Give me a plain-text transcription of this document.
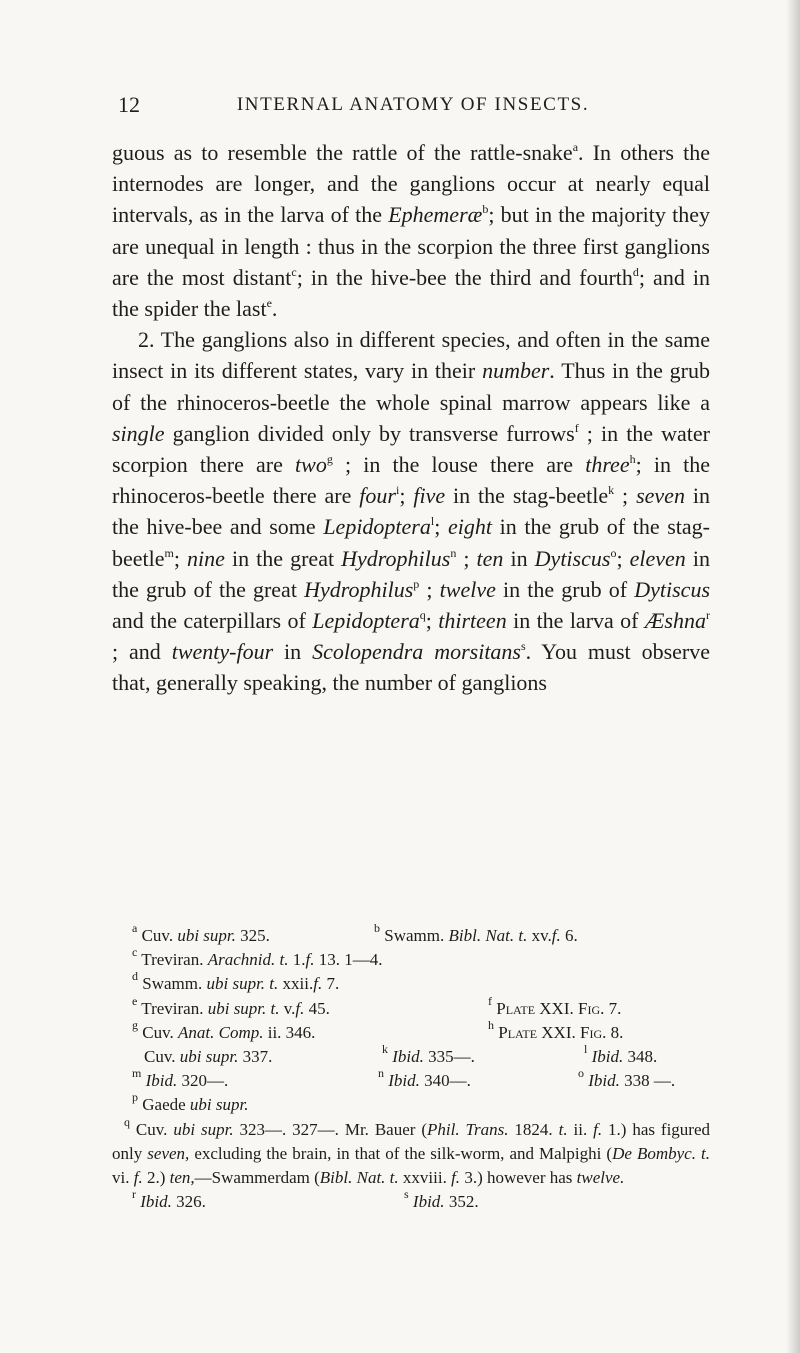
12	INTERNAL ANATOMY OF INSECTS.

guous as to resemble the rattle of the rattle-snake$^a$. In others the internodes are longer, and the ganglions occur at nearly equal intervals, as in the larva of the Ephemeræ$^b$; but in the majority they are unequal in length : thus in the scorpion the three first ganglions are the most distant$^c$; in the hive-bee the third and fourth$^d$; and in the spider the last$^e$.

2. The ganglions also in different species, and often in the same insect in its different states, vary in their number. Thus in the grub of the rhinoceros-beetle the whole spinal marrow appears like a single ganglion divided only by transverse furrows$^f$ ; in the water scorpion there are two$^g$ ; in the louse there are three$^h$; in the rhinoceros-beetle there are four$^i$; five in the stag-beetle$^k$ ; seven in the hive-bee and some Lepidoptera$^l$; eight in the grub of the stag-beetle$^m$; nine in the great Hydrophilus$^n$ ; ten in Dytiscus$^o$; eleven in the grub of the great Hydrophilus$^p$ ; twelve in the grub of Dytiscus and the caterpillars of Lepidoptera$^q$; thirteen in the larva of Æshna$^r$ ; and twenty-four in Scolopendra morsitans$^s$. You must observe that, generally speaking, the number of ganglions

$^a$ Cuv. ubi supr. 325.	$^b$ Swamm. Bibl. Nat. t. xv.f. 6.
$^c$ Treviran. Arachnid. t. 1.f. 13. 1—4.
$^d$ Swamm. ubi supr. t. xxii.f. 7.
$^e$ Treviran. ubi supr. t. v.f. 45.	$^f$ Plate XXI. Fig. 7.
$^g$ Cuv. Anat. Comp. ii. 346.	$^h$ Plate XXI. Fig. 8.
Cuv. ubi supr. 337.	$^k$ Ibid. 335—.	$^l$ Ibid. 348.
$^m$ Ibid. 320—.	$^n$ Ibid. 340—.	$^o$ Ibid. 338 —.
$^p$ Gaede ubi supr.
$^q$ Cuv. ubi supr. 323—. 327—. Mr. Bauer (Phil. Trans. 1824. t. ii. f. 1.) has figured only seven, excluding the brain, in that of the silk-worm, and Malpighi (De Bombyc. t. vi. f. 2.) ten,—Swammerdam (Bibl. Nat. t. xxviii. f. 3.) however has twelve.
$^r$ Ibid. 326.	$^s$ Ibid. 352.
